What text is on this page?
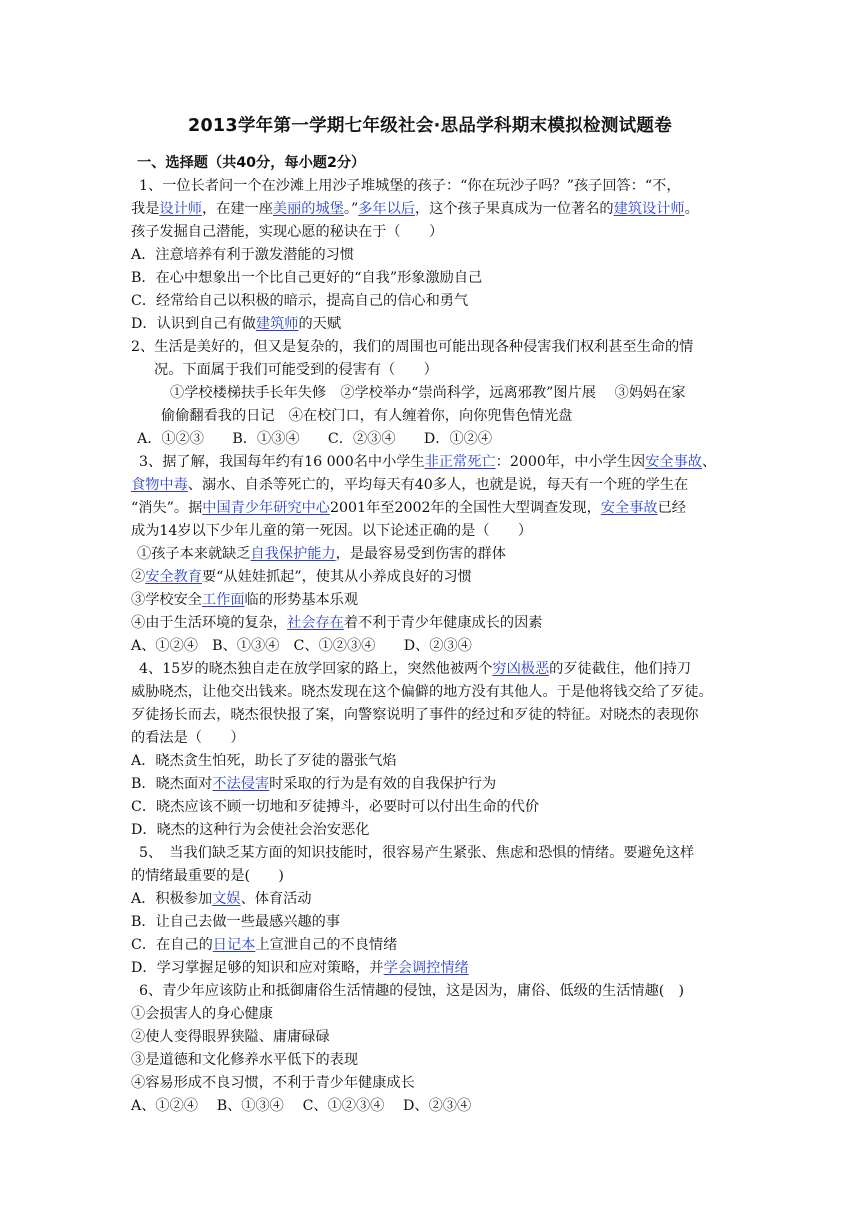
2013学年第一学期七年级社会·思品学科期末模拟检测试题卷
一、选择题（共40分，每小题2分）
1、一位长者问一个在沙滩上用沙子堆城堡的孩子：“你在玩沙子吗？”孩子回答：“不，
我是设计师，在建一座美丽的城堡。”多年以后，这个孩子果真成为一位著名的建筑设计师。
孩子发掘自己潜能，实现心愿的秘诀在于（　　）
A．注意培养有利于激发潜能的习惯
B．在心中想象出一个比自己更好的“自我”形象激励自己
C．经常给自己以积极的暗示，提高自己的信心和勇气
D．认识到自己有做建筑师的天赋
2、生活是美好的，但又是复杂的，我们的周围也可能出现各种侵害我们权利甚至生命的情
况。下面属于我们可能受到的侵害有（　　）
①学校楼梯扶手长年失修　②学校举办“崇尚科学，远离邪教”图片展　 ③妈妈在家
偷偷翻看我的日记　④在校门口，有人缠着你，向你兜售色情光盘
A．①②③　　B．①③④　　C．②③④　　D．①②④
3、据了解，我国每年约有16 000名中小学生非正常死亡：2000年，中小学生因安全事故、
食物中毒、溺水、自杀等死亡的，平均每天有40多人，也就是说，每天有一个班的学生在
“消失”。据中国青少年研究中心2001年至2002年的全国性大型调查发现，安全事故已经
成为14岁以下少年儿童的第一死因。以下论述正确的是（　　）
①孩子本来就缺乏自我保护能力，是最容易受到伤害的群体
②安全教育要“从娃娃抓起”，使其从小养成良好的习惯
③学校安全工作面临的形势基本乐观
④由于生活环境的复杂，社会存在着不利于青少年健康成长的因素
A、①②④　B、①③④　C、①②③④　　D、②③④
4、15岁的晓杰独自走在放学回家的路上，突然他被两个穷凶极恶的歹徒截住，他们持刀
威胁晓杰，让他交出钱来。晓杰发现在这个偏僻的地方没有其他人。于是他将钱交给了歹徒。
歹徒扬长而去，晓杰很快报了案，向警察说明了事件的经过和歹徒的特征。对晓杰的表现你
的看法是（　　）
A．晓杰贪生怕死，助长了歹徒的嚣张气焰
B．晓杰面对不法侵害时采取的行为是有效的自我保护行为
C．晓杰应该不顾一切地和歹徒搏斗，必要时可以付出生命的代价
D．晓杰的这种行为会使社会治安恶化
5、　当我们缺乏某方面的知识技能时，很容易产生紧张、焦虑和恐惧的情绪。要避免这样
的情绪最重要的是(　　)
A．积极参加文娱、体育活动
B．让自己去做一些最感兴趣的事
C．在自己的日记本上宣泄自己的不良情绪
D．学习掌握足够的知识和应对策略，并学会调控情绪
6、青少年应该防止和抵御庸俗生活情趣的侵蚀，这是因为，庸俗、低级的生活情趣(　)
①会损害人的身心健康
②使人变得眼界狭隘、庸庸碌碌
③是道德和文化修养水平低下的表现
④容易形成不良习惯，不利于青少年健康成长
A、①②④　 B、①③④　 C、①②③④　 D、②③④
